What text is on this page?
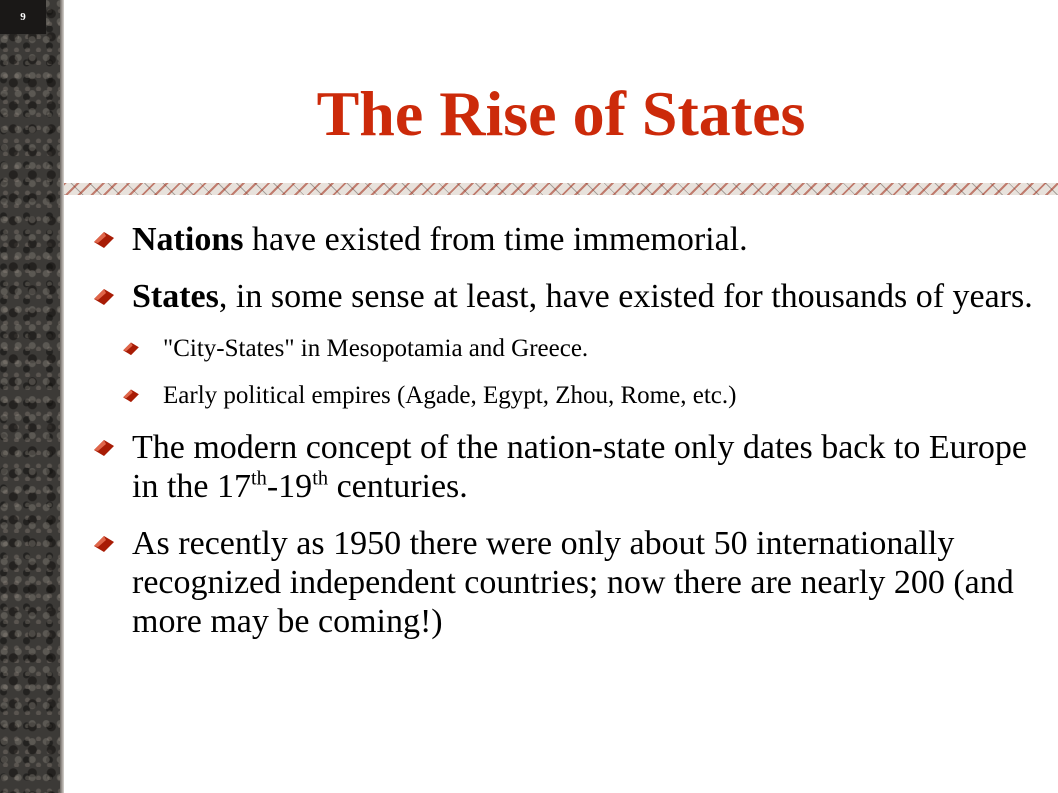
9
The Rise of States
Nations have existed from time immemorial.
States, in some sense at least, have existed for thousands of years.
"City-States" in Mesopotamia and Greece.
Early political empires (Agade, Egypt, Zhou, Rome, etc.)
The modern concept of the nation-state only dates back to Europe in the 17th-19th centuries.
As recently as 1950 there were only about 50 internationally recognized independent countries; now there are nearly 200 (and more may be coming!)
